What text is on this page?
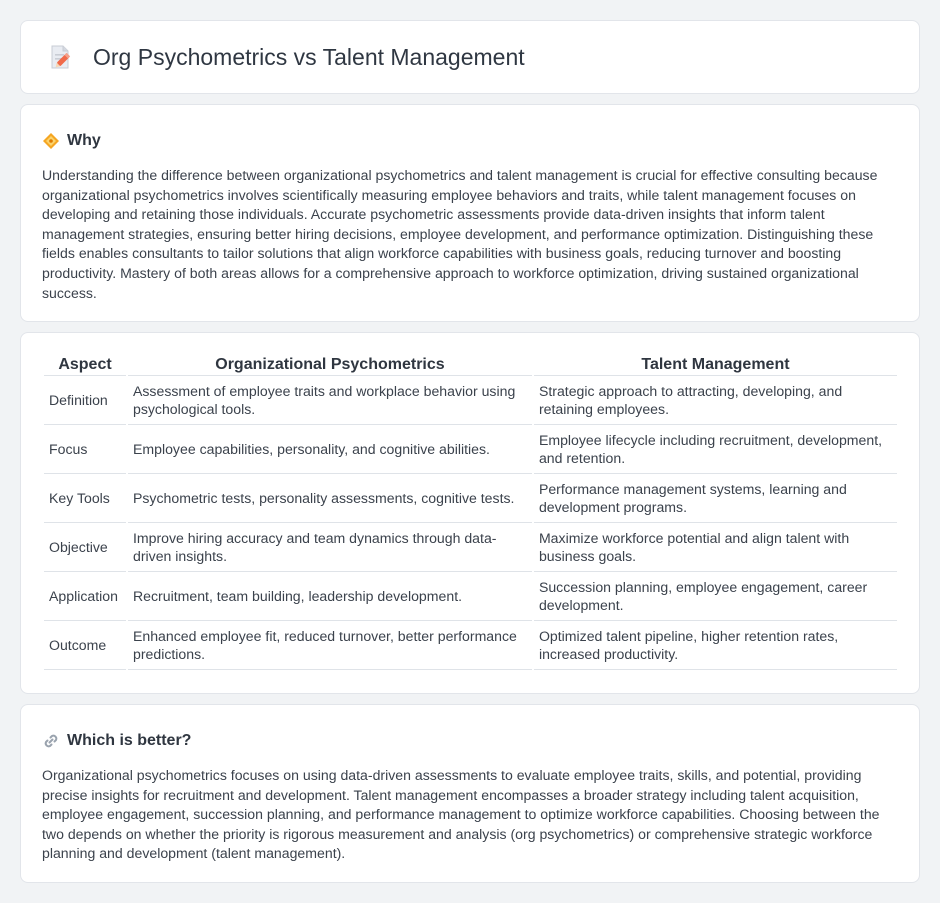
Org Psychometrics vs Talent Management
Why

Understanding the difference between organizational psychometrics and talent management is crucial for effective consulting because organizational psychometrics involves scientifically measuring employee behaviors and traits, while talent management focuses on developing and retaining those individuals. Accurate psychometric assessments provide data-driven insights that inform talent management strategies, ensuring better hiring decisions, employee development, and performance optimization. Distinguishing these fields enables consultants to tailor solutions that align workforce capabilities with business goals, reducing turnover and boosting productivity. Mastery of both areas allows for a comprehensive approach to workforce optimization, driving sustained organizational success.

Aspect	Organizational Psychometrics	Talent Management
Definition	Assessment of employee traits and workplace behavior using psychological tools.	Strategic approach to attracting, developing, and retaining employees.
Focus	Employee capabilities, personality, and cognitive abilities.	Employee lifecycle including recruitment, development, and retention.
Key Tools	Psychometric tests, personality assessments, cognitive tests.	Performance management systems, learning and development programs.
Objective	Improve hiring accuracy and team dynamics through data-driven insights.	Maximize workforce potential and align talent with business goals.
Application	Recruitment, team building, leadership development.	Succession planning, employee engagement, career development.
Outcome	Enhanced employee fit, reduced turnover, better performance predictions.	Optimized talent pipeline, higher retention rates, increased productivity.
Which is better?

Organizational psychometrics focuses on using data-driven assessments to evaluate employee traits, skills, and potential, providing precise insights for recruitment and development. Talent management encompasses a broader strategy including talent acquisition, employee engagement, succession planning, and performance management to optimize workforce capabilities. Choosing between the two depends on whether the priority is rigorous measurement and analysis (org psychometrics) or comprehensive strategic workforce planning and development (talent management).
